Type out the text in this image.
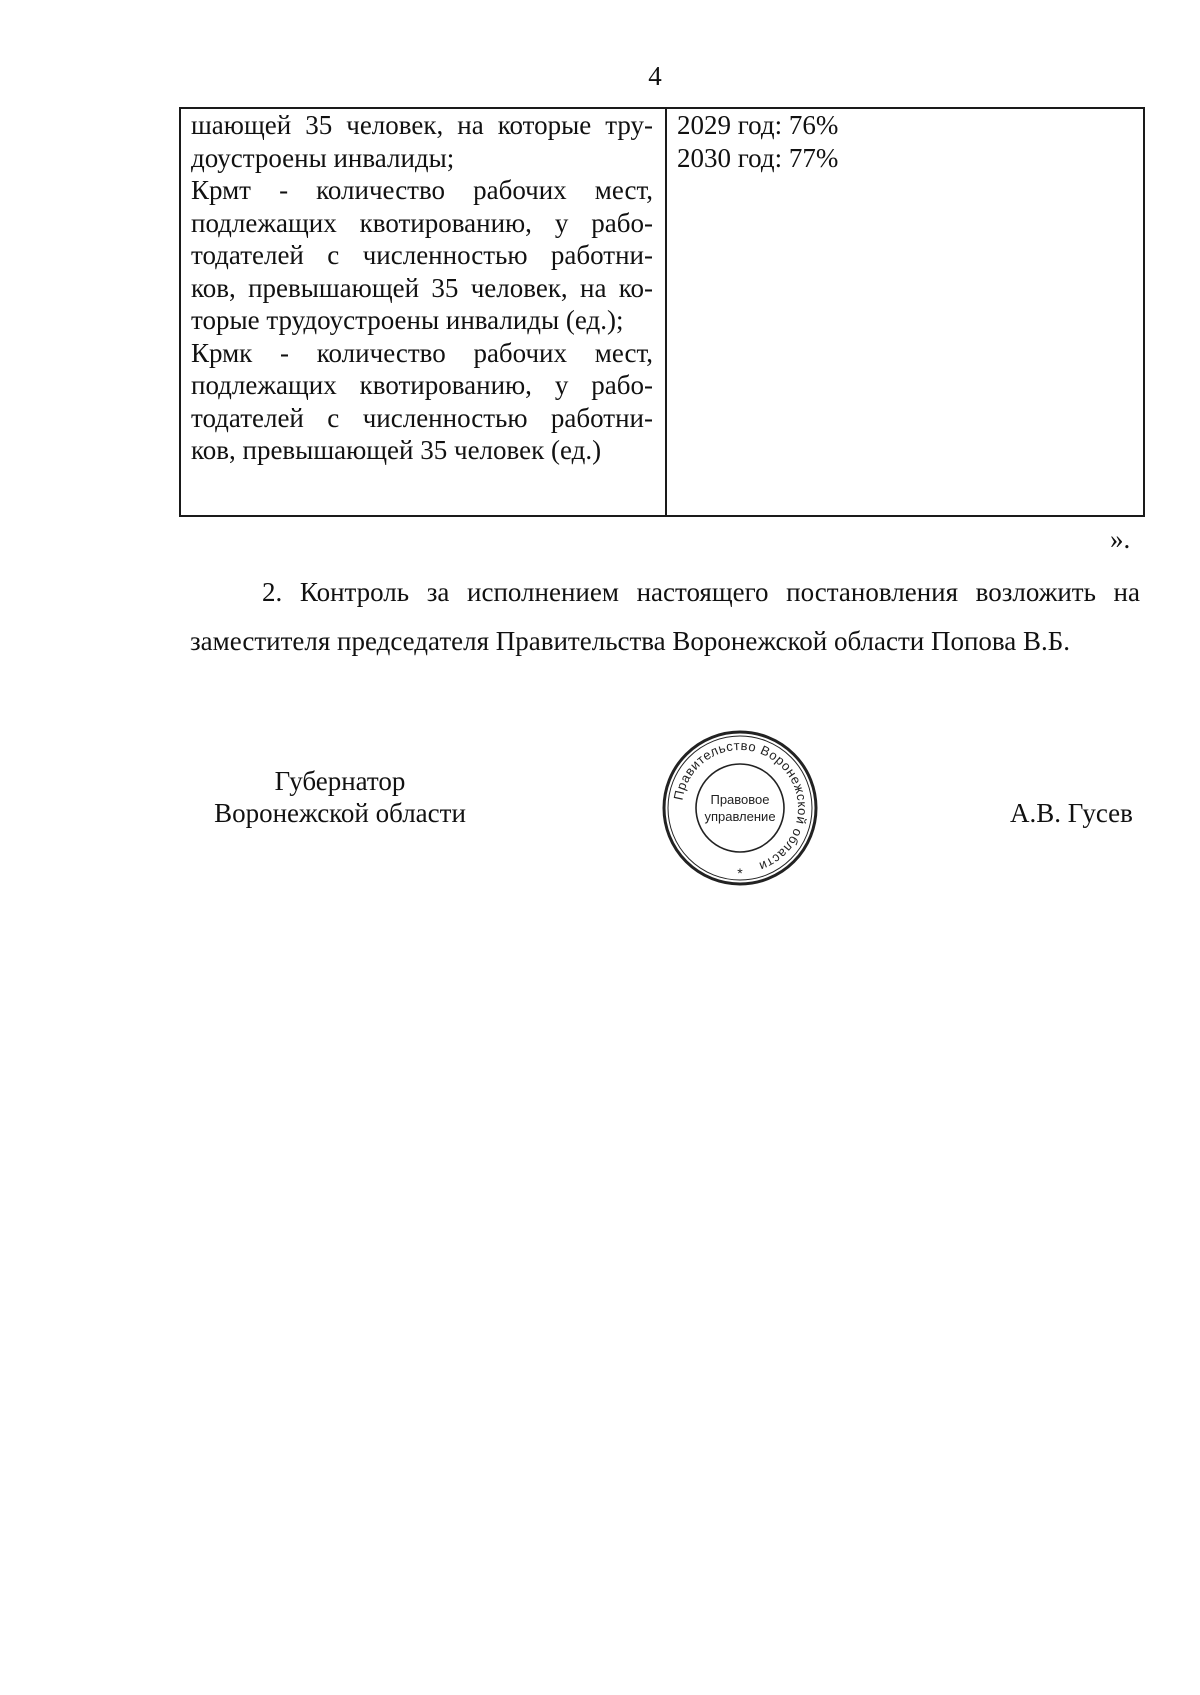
4
шающей 35 человек, на которые тру-
доустроены инвалиды;
Крмт - количество рабочих мест,
подлежащих квотированию, у рабо-
тодателей с численностью работни-
ков, превышающей 35 человек, на ко-
торые трудоустроены инвалиды (ед.);
Крмк - количество рабочих мест,
подлежащих квотированию, у рабо-
тодателей с численностью работни-
ков, превышающей 35 человек (ед.)
2029 год: 76%
2030 год: 77%
».
2. Контроль за исполнением настоящего постановления возложить на
заместителя председателя Правительства Воронежской области Попова В.Б.
Губернатор
Воронежской области
Правительство Воронежской области
Правовое
управление
*
А.В. Гусев
